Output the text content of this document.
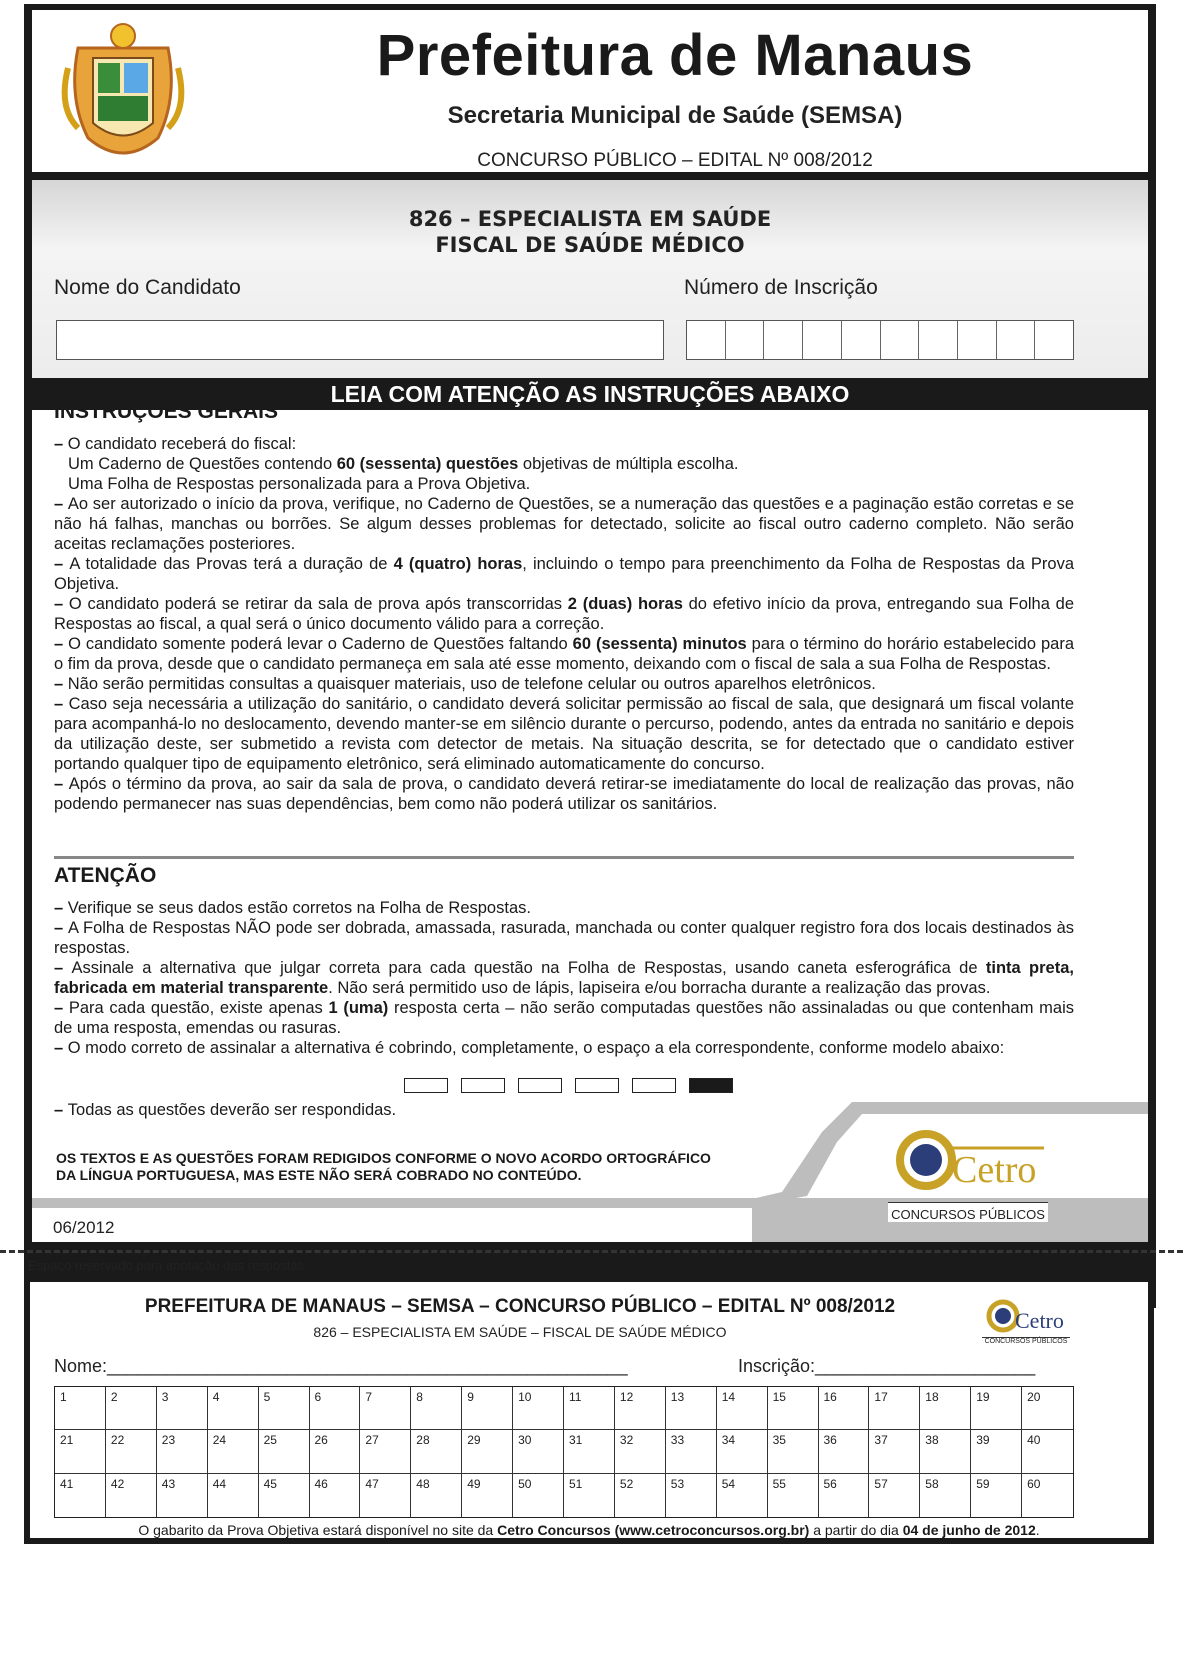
Prefeitura de Manaus
Secretaria Municipal de Saúde (SEMSA)
CONCURSO PÚBLICO – EDITAL Nº 008/2012
826 – ESPECIALISTA EM SAÚDE
FISCAL DE SAÚDE MÉDICO
Nome do Candidato	Número de Inscrição
LEIA COM ATENÇÃO AS INSTRUÇÕES ABAIXO
INSTRUÇÕES GERAIS
– O candidato receberá do fiscal:
Um Caderno de Questões contendo 60 (sessenta) questões objetivas de múltipla escolha.
Uma Folha de Respostas personalizada para a Prova Objetiva.
– Ao ser autorizado o início da prova, verifique, no Caderno de Questões, se a numeração das questões e a paginação estão corretas e se não há falhas, manchas ou borrões. Se algum desses problemas for detectado, solicite ao fiscal outro caderno completo. Não serão aceitas reclamações posteriores.
– A totalidade das Provas terá a duração de 4 (quatro) horas, incluindo o tempo para preenchimento da Folha de Respostas da Prova Objetiva.
– O candidato poderá se retirar da sala de prova após transcorridas 2 (duas) horas do efetivo início da prova, entregando sua Folha de Respostas ao fiscal, a qual será o único documento válido para a correção.
– O candidato somente poderá levar o Caderno de Questões faltando 60 (sessenta) minutos para o término do horário estabelecido para o fim da prova, desde que o candidato permaneça em sala até esse momento, deixando com o fiscal de sala a sua Folha de Respostas.
– Não serão permitidas consultas a quaisquer materiais, uso de telefone celular ou outros aparelhos eletrônicos.
– Caso seja necessária a utilização do sanitário, o candidato deverá solicitar permissão ao fiscal de sala, que designará um fiscal volante para acompanhá-lo no deslocamento, devendo manter-se em silêncio durante o percurso, podendo, antes da entrada no sanitário e depois da utilização deste, ser submetido a revista com detector de metais. Na situação descrita, se for detectado que o candidato estiver portando qualquer tipo de equipamento eletrônico, será eliminado automaticamente do concurso.
– Após o término da prova, ao sair da sala de prova, o candidato deverá retirar-se imediatamente do local de realização das provas, não podendo permanecer nas suas dependências, bem como não poderá utilizar os sanitários.
ATENÇÃO
– Verifique se seus dados estão corretos na Folha de Respostas.
– A Folha de Respostas NÃO pode ser dobrada, amassada, rasurada, manchada ou conter qualquer registro fora dos locais destinados às respostas.
– Assinale a alternativa que julgar correta para cada questão na Folha de Respostas, usando caneta esferográfica de tinta preta, fabricada em material transparente. Não será permitido uso de lápis, lapiseira e/ou borracha durante a realização das provas.
– Para cada questão, existe apenas 1 (uma) resposta certa – não serão computadas questões não assinaladas ou que contenham mais de uma resposta, emendas ou rasuras.
– O modo correto de assinalar a alternativa é cobrindo, completamente, o espaço a ela correspondente, conforme modelo abaixo:
– Todas as questões deverão ser respondidas.
OS TEXTOS E AS QUESTÕES FORAM REDIGIDOS CONFORME O NOVO ACORDO ORTOGRÁFICO
DA LÍNGUA PORTUGUESA, MAS ESTE NÃO SERÁ COBRADO NO CONTEÚDO.
06/2012
Cetro
CONCURSOS PÚBLICOS
Espaço reservado para anotação das respostas
PREFEITURA DE MANAUS – SEMSA – CONCURSO PÚBLICO – EDITAL Nº 008/2012
826 – ESPECIALISTA EM SAÚDE – FISCAL DE SAÚDE MÉDICO	Cetro
CONCURSOS PÚBLICOS
Nome:____________________________________________________	Inscrição:______________________
1	2	3	4	5	6	7	8	9	10	11	12	13	14	15	16	17	18	19	20
21	22	23	24	25	26	27	28	29	30	31	32	33	34	35	36	37	38	39	40
41	42	43	44	45	46	47	48	49	50	51	52	53	54	55	56	57	58	59	60
O gabarito da Prova Objetiva estará disponível no site da Cetro Concursos (www.cetroconcursos.org.br) a partir do dia 04 de junho de 2012.
